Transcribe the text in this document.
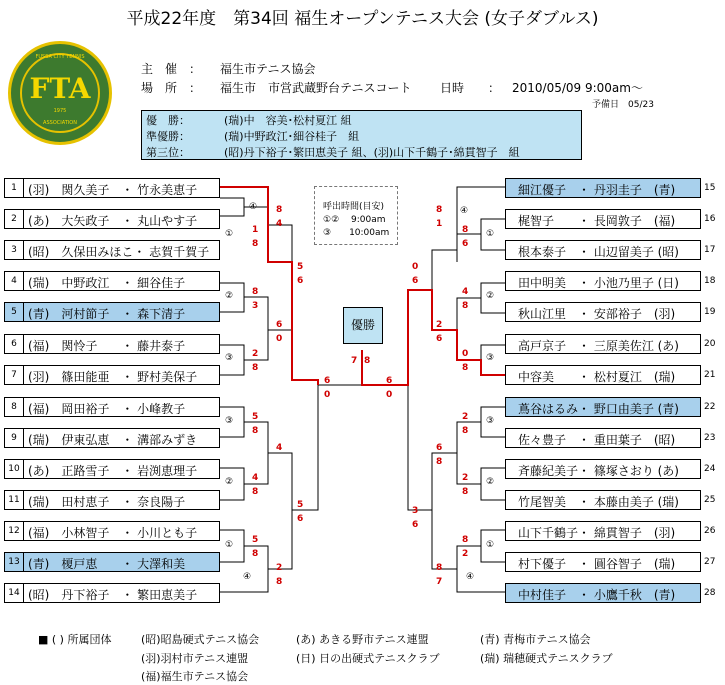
平成22年度　第34回 福生オープンテニス大会 (女子ダブルス)
FUSSA CITY TENNIS
FTA
1975
ASSOCIATION
主　催　： 福生市テニス協会
場　所　： 福生市　市営武蔵野台テニスコート 日時　　： 2010/05/09 9:00am～
予備日　05/23
優　勝：	(瑞)中　容美･松村夏江 組
準優勝：	(瑞)中野政江･細谷桂子　組
第三位：	(昭)丹下裕子･繁田恵美子 組、(羽)山下千鶴子･綿貫智子　組
呼出時間(目安)
①② 　9:00am
③　　10:00am
優勝
1 (羽)　関久美子　・ 竹永美恵子
2 (あ)　大矢政子　・ 丸山やす子
3 (昭)　久保田みほこ・ 志賀千賀子
4 (瑞)　中野政江　・ 細谷佳子
5 (青)　河村節子　・ 森下清子
6 (福)　関怜子　　・ 藤井泰子
7 (羽)　篠田能亜　・ 野村美保子
8 (福)　岡田裕子　・ 小峰教子
9 (瑞)　伊東弘恵　・ 溝部みずき
10 (あ)　正路雪子　・ 岩渕恵理子
11 (瑞)　田村恵子　・ 奈良陽子
12 (福)　小林智子　・ 小川とも子
13 (青)　榎戸恵　　・ 大澤和美
14 (昭)　丹下裕子　・ 繁田恵美子
15
細江優子　・ 丹羽圭子　(青)
16
梶智子　　・ 長岡敦子　(福)
17
根本泰子　・ 山辺留美子 (昭)
18
田中明美　・ 小池乃里子 (日)
19
秋山江里　・ 安部裕子　(羽)
20
高戸京子　・ 三原美佐江 (あ)
21
中容美　　・ 松村夏江　(瑞)
22
蔦谷はるみ・ 野口由美子 (青)
23
佐々豊子　・ 重田葉子　(昭)
24
斉藤紀美子・ 篠塚さおり (あ)
25
竹尾智美　・ 本藤由美子 (瑞)
26
山下千鶴子・ 綿貫智子　(羽)
27
村下優子　・ 圓谷智子　(瑞)
28
中村佳子　・ 小鷹千秋　(青)
④
①
②
③
③
②
①
④
④
①
②
③
③
②
①
④
8
4
1
8
8
3
2
8
5
6
6
0
5
8
4
8
4
5
8
5
6
2
8
6
0
7 8
6
0
8
1
8
6
4
8
0
8
0
6
2
6
2
8
6
8
2
8
8
2
8
7
3
6
■ ( ) 所属団体	(昭)昭島硬式テニス協会	(あ) あきる野市テニス連盟	(青) 青梅市テニス協会
(羽)羽村市テニス連盟	(日) 日の出硬式テニスクラブ	(瑞) 瑞穂硬式テニスクラブ
(福)福生市テニス協会
